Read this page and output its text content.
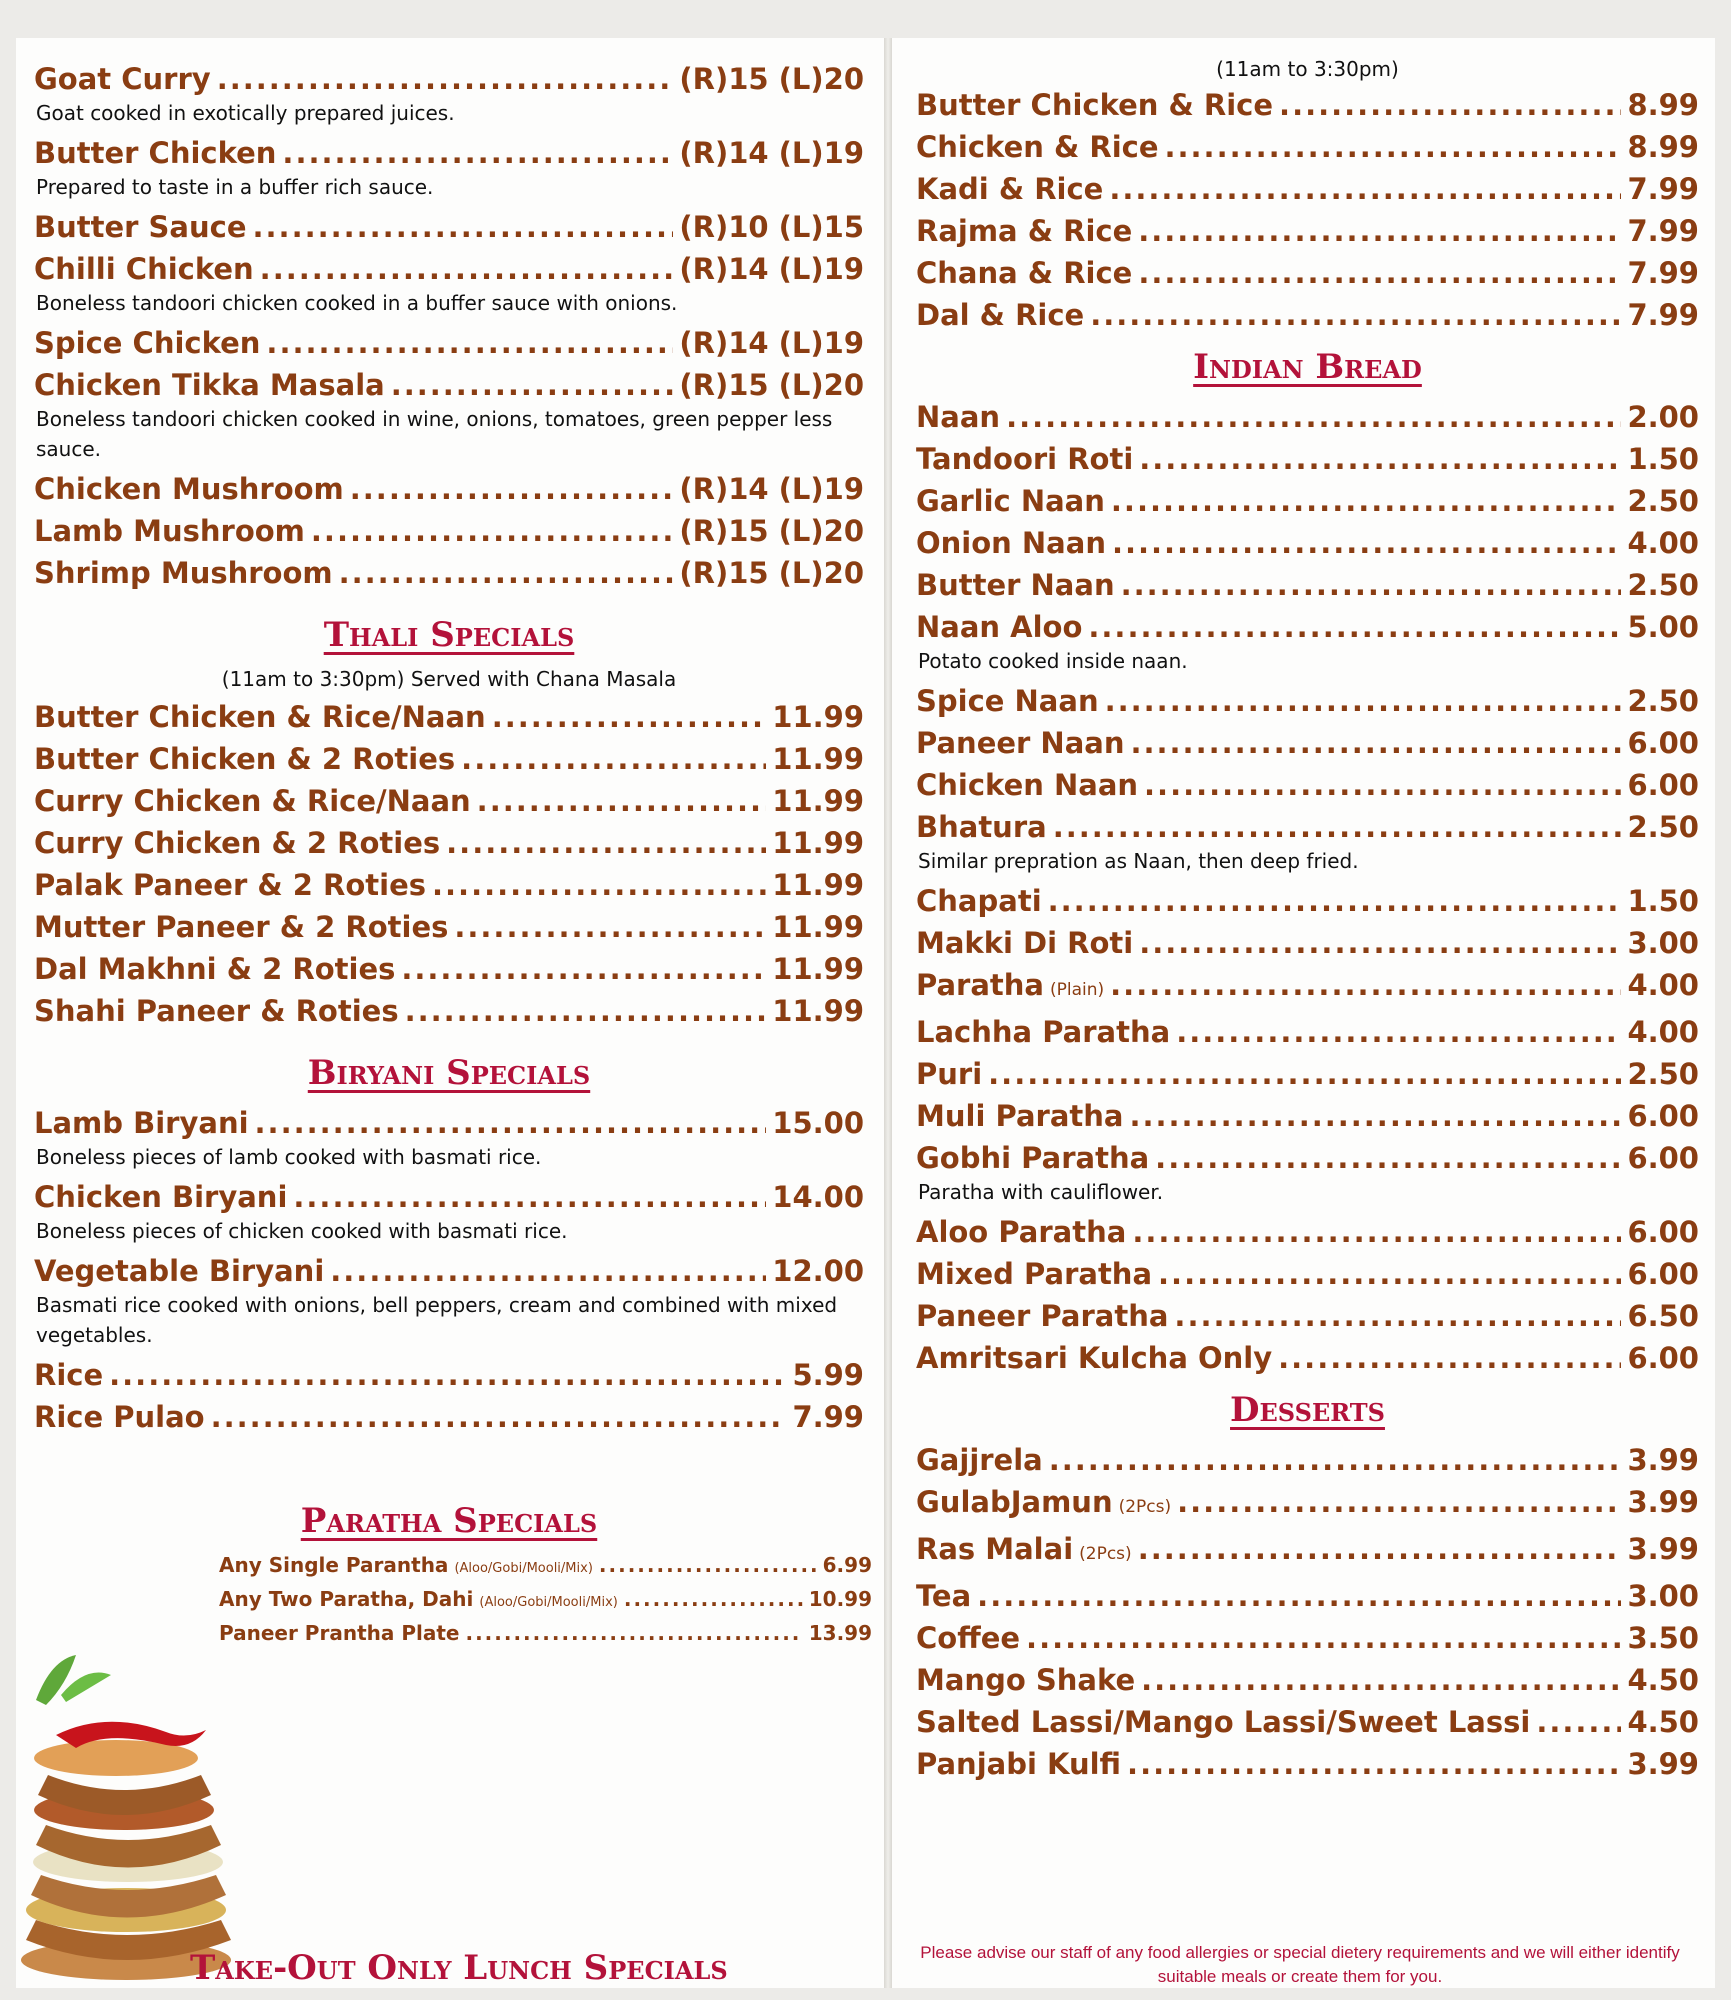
Goat Curry .....	(R)15 (L)20
Goat cooked in exotically prepared juices.
Butter Chicken .....	(R)14 (L)19
Prepared to taste in a buffer rich sauce.
Butter Sauce .....	(R)10 (L)15
Chilli Chicken .....	(R)14 (L)19
Boneless tandoori chicken cooked in a buffer sauce with onions.
Spice Chicken .....	(R)14 (L)19
Chicken Tikka Masala .....	(R)15 (L)20
Boneless tandoori chicken cooked in wine, onions, tomatoes, green pepper less sauce.
Chicken Mushroom .....	(R)14 (L)19
Lamb Mushroom .....	(R)15 (L)20
Shrimp Mushroom .....	(R)15 (L)20
Thali Specials
(11am to 3:30pm) Served with Chana Masala
Butter Chicken & Rice/Naan .....	11.99
Butter Chicken & 2 Roties .....	11.99
Curry Chicken & Rice/Naan .....	11.99
Curry Chicken & 2 Roties .....	11.99
Palak Paneer & 2 Roties .....	11.99
Mutter Paneer & 2 Roties .....	11.99
Dal Makhni & 2 Roties .....	11.99
Shahi Paneer & Roties .....	11.99
Biryani Specials
Lamb Biryani .....	15.00
Boneless pieces of lamb cooked with basmati rice.
Chicken Biryani .....	14.00
Boneless pieces of chicken cooked with basmati rice.
Vegetable Biryani .....	12.00
Basmati rice cooked with onions, bell peppers, cream and combined with mixed vegetables.
Rice .....	5.99
Rice Pulao .....	7.99
Paratha Specials
Any Single Parantha (Aloo/Gobi/Mooli/Mix) .....	6.99
Any Two Paratha, Dahi (Aloo/Gobi/Mooli/Mix) .....	10.99
Paneer Prantha Plate .....	13.99
(11am to 3:30pm)
Butter Chicken & Rice .....	8.99
Chicken & Rice .....	8.99
Kadi & Rice .....	7.99
Rajma & Rice .....	7.99
Chana & Rice .....	7.99
Dal & Rice .....	7.99
Indian Bread
Naan .....	2.00
Tandoori Roti .....	1.50
Garlic Naan .....	2.50
Onion Naan .....	4.00
Butter Naan .....	2.50
Naan Aloo .....	5.00
Potato cooked inside naan.
Spice Naan .....	2.50
Paneer Naan .....	6.00
Chicken Naan .....	6.00
Bhatura .....	2.50
Similar prepration as Naan, then deep fried.
Chapati .....	1.50
Makki Di Roti .....	3.00
Paratha (Plain) .....	4.00
Lachha Paratha .....	4.00
Puri .....	2.50
Muli Paratha .....	6.00
Gobhi Paratha .....	6.00
Paratha with cauliflower.
Aloo Paratha .....	6.00
Mixed Paratha .....	6.00
Paneer Paratha .....	6.50
Amritsari Kulcha Only .....	6.00
Desserts
Gajjrela .....	3.99
GulabJamun (2Pcs) .....	3.99
Ras Malai (2Pcs) .....	3.99
Tea .....	3.00
Coffee .....	3.50
Mango Shake .....	4.50
Salted Lassi/Mango Lassi/Sweet Lassi .....	4.50
Panjabi Kulfi .....	3.99
Take-Out Only Lunch Specials	Please advise our staff of any food allergies or special dietery requirements and we will either identify suitable meals or create them for you.
